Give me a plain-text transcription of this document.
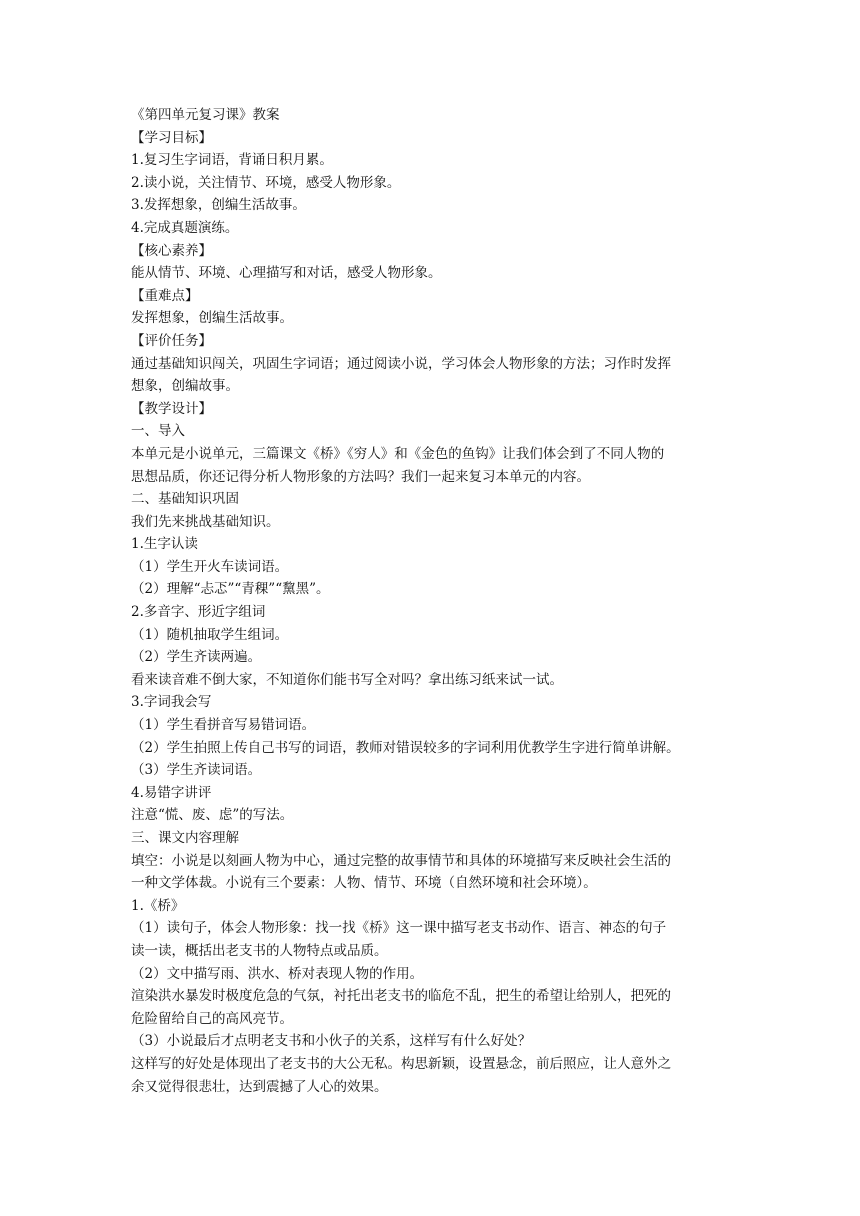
《第四单元复习课》教案

【学习目标】

1.复习生字词语，背诵日积月累。

2.读小说，关注情节、环境，感受人物形象。

3.发挥想象，创编生活故事。

4.完成真题演练。

【核心素养】

能从情节、环境、心理描写和对话，感受人物形象。

【重难点】

发挥想象，创编生活故事。

【评价任务】

通过基础知识闯关，巩固生字词语；通过阅读小说，学习体会人物形象的方法；习作时发挥

想象，创编故事。

【教学设计】

一、导入

本单元是小说单元，三篇课文《桥》《穷人》和《金色的鱼钩》让我们体会到了不同人物的

思想品质，你还记得分析人物形象的方法吗？我们一起来复习本单元的内容。

二、基础知识巩固

我们先来挑战基础知识。

1.生字认读

（1）学生开火车读词语。

（2）理解“忐忑”“青稞”“黧黑”。

2.多音字、形近字组词

（1）随机抽取学生组词。

（2）学生齐读两遍。

看来读音难不倒大家，不知道你们能书写全对吗？拿出练习纸来试一试。

3.字词我会写

（1）学生看拼音写易错词语。

（2）学生拍照上传自己书写的词语，教师对错误较多的字词利用优教学生字进行简单讲解。

（3）学生齐读词语。

4.易错字讲评

注意“慌、废、虑”的写法。

三、课文内容理解

填空：小说是以刻画人物为中心，通过完整的故事情节和具体的环境描写来反映社会生活的

一种文学体裁。小说有三个要素：人物、情节、环境（自然环境和社会环境）。

1.《桥》

（1）读句子，体会人物形象：找一找《桥》这一课中描写老支书动作、语言、神态的句子

读一读，概括出老支书的人物特点或品质。

（2）文中描写雨、洪水、桥对表现人物的作用。

渲染洪水暴发时极度危急的气氛，衬托出老支书的临危不乱，把生的希望让给别人，把死的

危险留给自己的高风亮节。

（3）小说最后才点明老支书和小伙子的关系，这样写有什么好处？

这样写的好处是体现出了老支书的大公无私。构思新颖，设置悬念，前后照应，让人意外之

余又觉得很悲壮，达到震撼了人心的效果。
